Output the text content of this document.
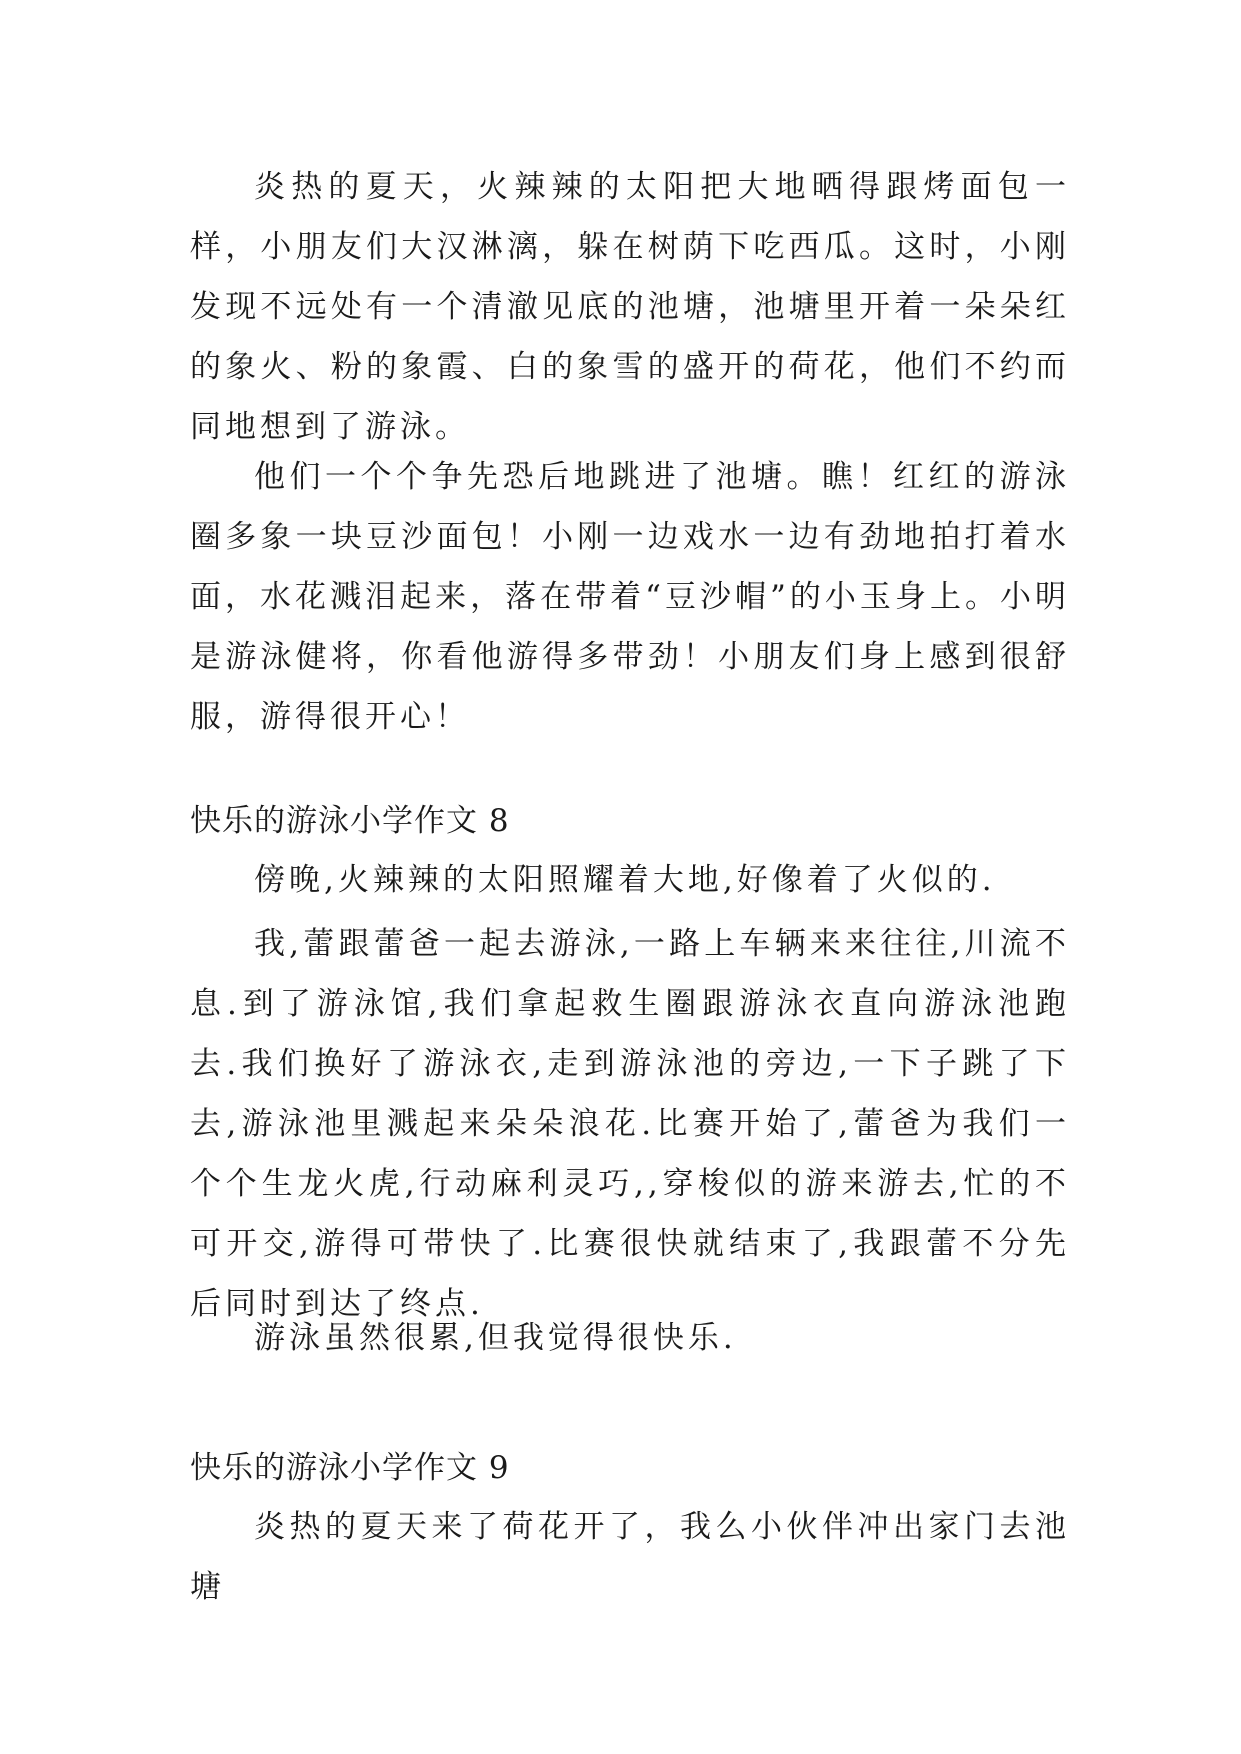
炎热的夏天，火辣辣的太阳把大地晒得跟烤面包一样，小朋友们大汉淋漓，躲在树荫下吃西瓜。这时，小刚发现不远处有一个清澈见底的池塘，池塘里开着一朵朵红的象火、粉的象霞、白的象雪的盛开的荷花，他们不约而同地想到了游泳。

他们一个个争先恐后地跳进了池塘。瞧！红红的游泳圈多象一块豆沙面包！小刚一边戏水一边有劲地拍打着水面，水花溅泪起来，落在带着“豆沙帽”的小玉身上。小明是游泳健将，你看他游得多带劲！小朋友们身上感到很舒服，游得很开心！

快乐的游泳小学作文 8

傍晚,火辣辣的太阳照耀着大地,好像着了火似的.

我,蕾跟蕾爸一起去游泳,一路上车辆来来往往,川流不息.到了游泳馆,我们拿起救生圈跟游泳衣直向游泳池跑去.我们换好了游泳衣,走到游泳池的旁边,一下子跳了下去,游泳池里溅起来朵朵浪花.比赛开始了,蕾爸为我们一个个生龙火虎,行动麻利灵巧,,穿梭似的游来游去,忙的不可开交,游得可带快了.比赛很快就结束了,我跟蕾不分先后同时到达了终点.

游泳虽然很累,但我觉得很快乐.

快乐的游泳小学作文 9

炎热的夏天来了荷花开了，我么小伙伴冲出家门去池塘
